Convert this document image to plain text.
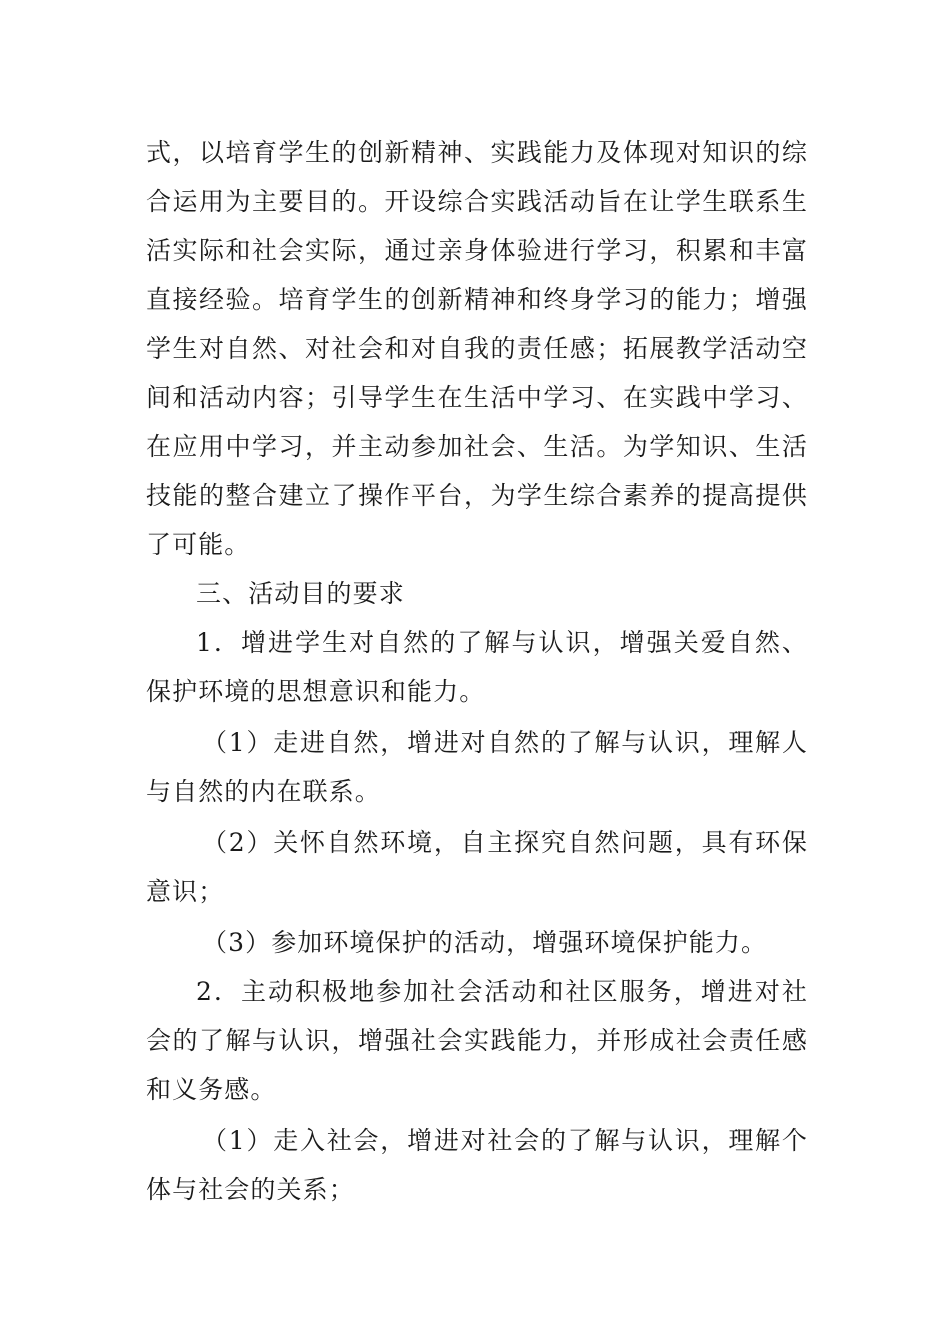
式，以培育学生的创新精神、实践能力及体现对知识的综合运用为主要目的。开设综合实践活动旨在让学生联系生活实际和社会实际，通过亲身体验进行学习，积累和丰富直接经验。培育学生的创新精神和终身学习的能力；增强学生对自然、对社会和对自我的责任感；拓展教学活动空间和活动内容；引导学生在生活中学习、在实践中学习、在应用中学习，并主动参加社会、生活。为学知识、生活技能的整合建立了操作平台，为学生综合素养的提高提供了可能。

三、活动目的要求

1．增进学生对自然的了解与认识，增强关爱自然、保护环境的思想意识和能力。

（1）走进自然，增进对自然的了解与认识，理解人与自然的内在联系。

（2）关怀自然环境，自主探究自然问题，具有环保意识；

（3）参加环境保护的活动，增强环境保护能力。

2．主动积极地参加社会活动和社区服务，增进对社会的了解与认识，增强社会实践能力，并形成社会责任感和义务感。

（1）走入社会，增进对社会的了解与认识，理解个体与社会的关系；
